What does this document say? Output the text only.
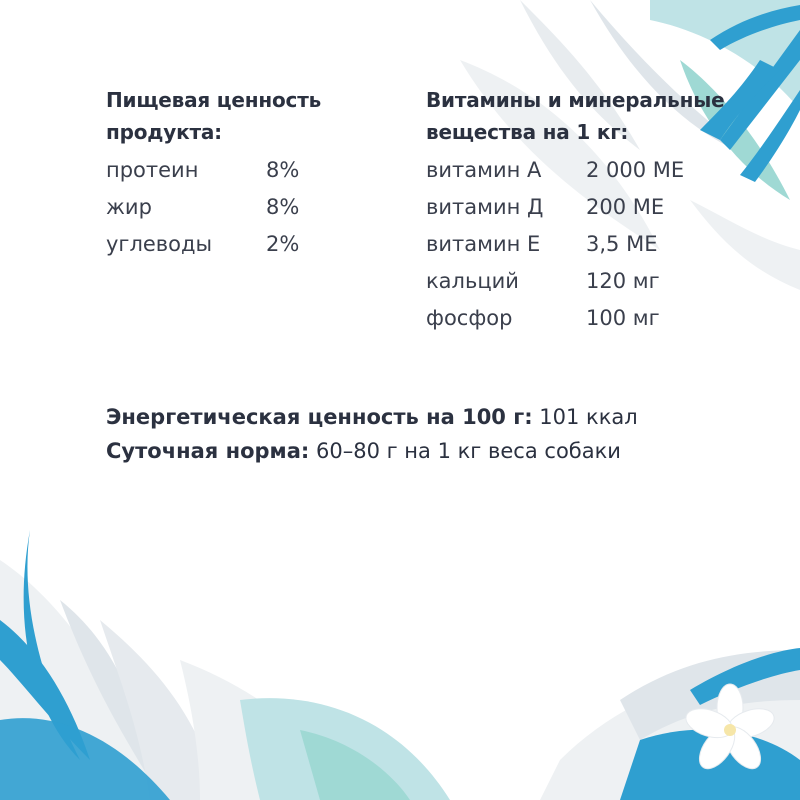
Пищевая ценность
продукта:
протеин	8%
жир	8%
углеводы	2%
Витамины и минеральные
вещества на 1 кг:
витамин А 2 000 МЕ
витамин Д 200 МЕ
витамин Е 3,5 МЕ
кальций	120 мг
фосфор	100 мг
Энергетическая ценность на 100 г: 101 ккал
Суточная норма: 60–80 г на 1 кг веса собаки
